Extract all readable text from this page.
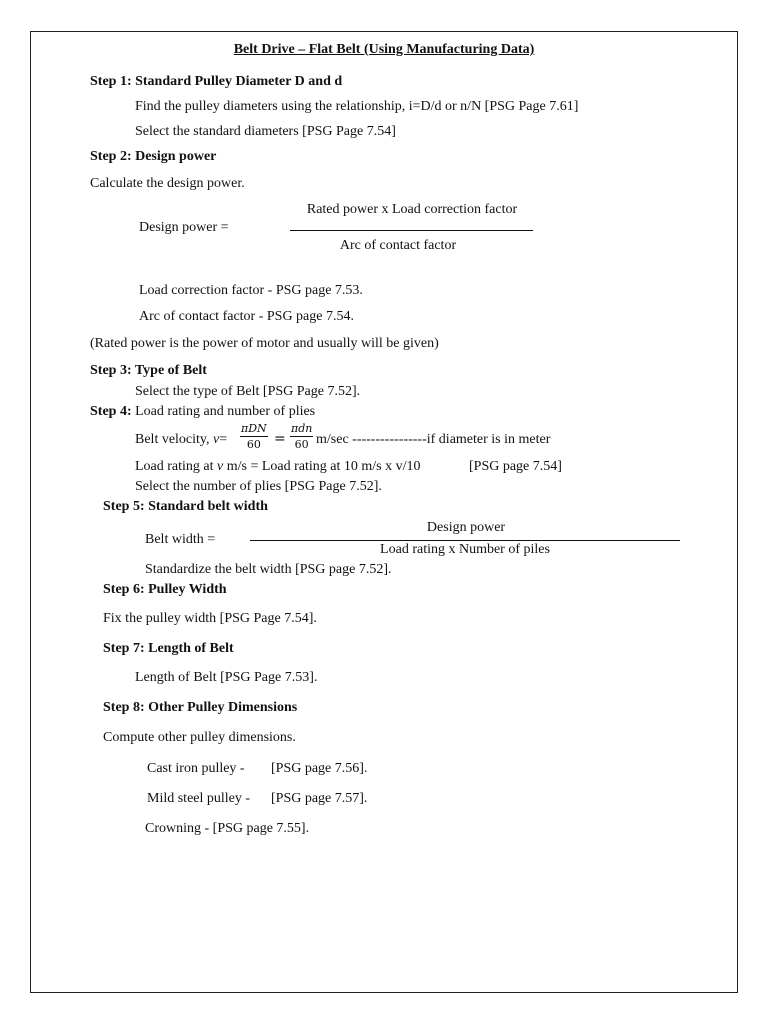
Belt Drive – Flat Belt (Using Manufacturing Data)
Step 1: Standard Pulley Diameter D and d
Find the pulley diameters using the relationship, i=D/d or n/N [PSG Page 7.61]
Select the standard diameters [PSG Page 7.54]
Step 2: Design power
Calculate the design power.
Rated power x Load correction factor
Design power =
Arc of contact factor
Load correction factor - PSG page 7.53.
Arc of contact factor - PSG page 7.54.
(Rated power is the power of motor and usually will be given)
Step 3: Type of Belt
Select the type of Belt [PSG Page 7.52].
Step 4: Load rating and number of plies
Belt velocity, v=
πDN
60 =
πdn
60 m/sec ----------------if diameter is in meter
Load rating at v m/s = Load rating at 10 m/s x v/10	[PSG page 7.54]
Select the number of plies [PSG Page 7.52].
Step 5: Standard belt width
Design power
Belt width =
Load rating x Number of piles
Standardize the belt width [PSG page 7.52].
Step 6: Pulley Width
Fix the pulley width [PSG Page 7.54].
Step 7: Length of Belt
Length of Belt [PSG Page 7.53].
Step 8: Other Pulley Dimensions
Compute other pulley dimensions.
Cast iron pulley - [PSG page 7.56].
Mild steel pulley - [PSG page 7.57].
Crowning - [PSG page 7.55].
